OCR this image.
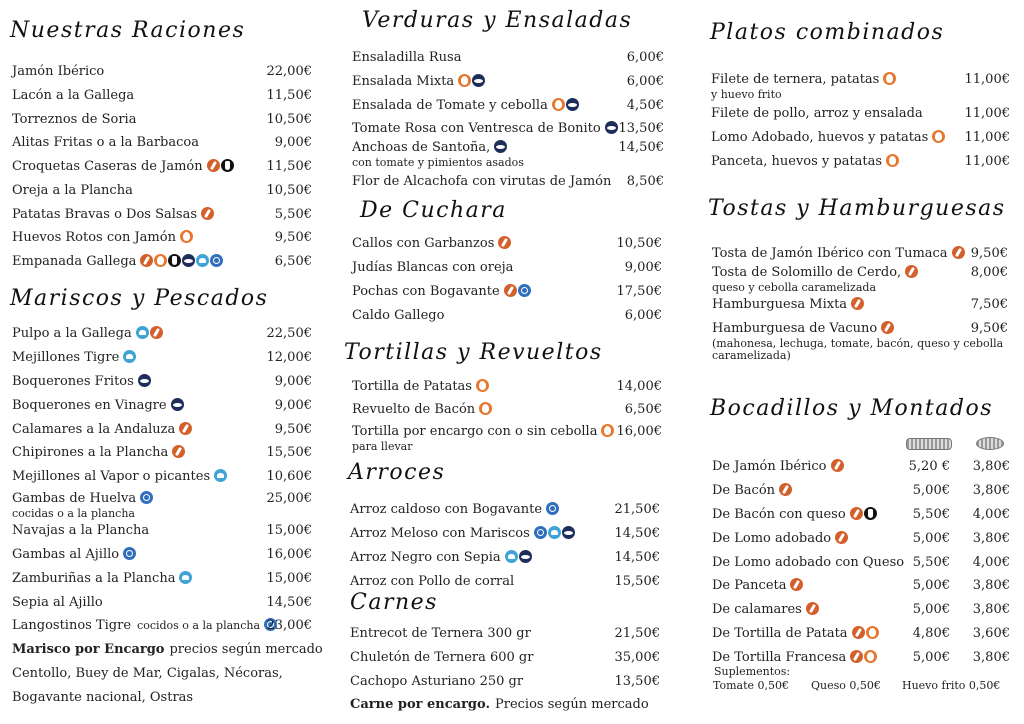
Nuestras Raciones
Jamón Ibérico	22,00€
Lacón a la Gallega	11,50€
Torreznos de Soria	10,50€
Alitas Fritas o a la Barbacoa	9,00€
Croquetas Caseras de Jamón	11,50€
Oreja a la Plancha	10,50€
Patatas Bravas o Dos Salsas	5,50€
Huevos Rotos con Jamón	9,50€
Empanada Gallega	6,50€
Mariscos y Pescados
Pulpo a la Gallega	22,50€
Mejillones Tigre	12,00€
Boquerones Fritos	9,00€
Boquerones en Vinagre	9,00€
Calamares a la Andaluza	9,50€
Chipirones a la Plancha	15,50€
Mejillones al Vapor o picantes	10,60€
Gambas de Huelva	25,00€
cocidas o a la plancha
Navajas a la Plancha	15,00€
Gambas al Ajillo	16,00€
Zamburiñas a la Plancha	15,00€
Sepia al Ajillo	14,50€
Langostinos Tigre cocidos o a la plancha 23,00€
Marisco por Encargo precios según mercado
Centollo, Buey de Mar, Cigalas, Nécoras,
Bogavante nacional, Ostras
Verduras y Ensaladas
Ensaladilla Rusa	6,00€
Ensalada Mixta	6,00€
Ensalada de Tomate y cebolla	4,50€
Tomate Rosa con Ventresca de Bonito 13,50€
Anchoas de Santoña,	14,50€
con tomate y pimientos asados
Flor de Alcachofa con virutas de Jamón 8,50€
De Cuchara
Callos con Garbanzos	10,50€
Judías Blancas con oreja	9,00€
Pochas con Bogavante	17,50€
Caldo Gallego	6,00€
Tortillas y Revueltos
Tortilla de Patatas	14,00€
Revuelto de Bacón	6,50€
Tortilla por encargo con o sin cebolla 16,00€
para llevar
Arroces
Arroz caldoso con Bogavante	21,50€
Arroz Meloso con Mariscos	14,50€
Arroz Negro con Sepia	14,50€
Arroz con Pollo de corral	15,50€
Carnes
Entrecot de Ternera 300 gr	21,50€
Chuletón de Ternera 600 gr	35,00€
Cachopo Asturiano 250 gr	13,50€
Carne por encargo. Precios según mercado
Platos combinados
Filete de ternera, patatas	11,00€
y huevo frito
Filete de pollo, arroz y ensalada	11,00€
Lomo Adobado, huevos y patatas	11,00€
Panceta, huevos y patatas	11,00€
Tostas y Hamburguesas
Tosta de Jamón Ibérico con Tumaca 9,50€
Tosta de Solomillo de Cerdo,	8,00€
queso y cebolla caramelizada
Hamburguesa Mixta	7,50€
Hamburguesa de Vacuno	9,50€
(mahonesa, lechuga, tomate, bacón, queso y cebolla caramelizada)
Bocadillos y Montados
De Jamón Ibérico	5,20 € 3,80€
De Bacón	5,00€ 3,80€
De Bacón con queso	5,50€ 4,00€
De Lomo adobado	5,00€ 3,80€
De Lomo adobado con Queso 5,50€ 4,00€
De Panceta	5,00€ 3,80€
De calamares	5,00€ 3,80€
De Tortilla de Patata	4,80€ 3,60€
De Tortilla Francesa	5,00€ 3,80€
Suplementos:
Tomate 0,50€ Queso 0,50€ Huevo frito 0,50€
